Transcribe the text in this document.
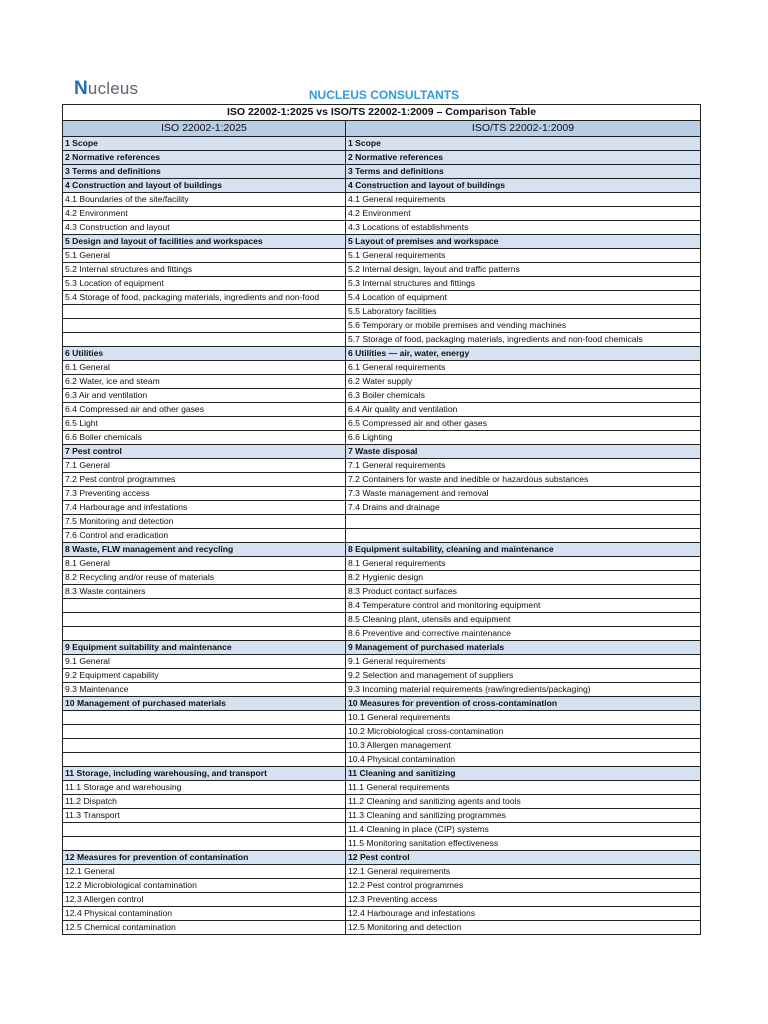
Nucleus	NUCLEUS CONSULTANTS
ISO 22002-1:2025 vs ISO/TS 22002-1:2009 – Comparison Table	
ISO 22002-1:2025	ISO/TS 22002-1:2009
1 Scope	1 Scope
2 Normative references	2 Normative references
3 Terms and definitions	3 Terms and definitions
4 Construction and layout of buildings	4 Construction and layout of buildings
4.1 Boundaries of the site/facility	4.1 General requirements
4.2 Environment	4.2 Environment
4.3 Construction and layout	4.3 Locations of establishments
5 Design and layout of facilities and workspaces	5 Layout of premises and workspace
5.1 General	5.1 General requirements
5.2 Internal structures and fittings	5.2 Internal design, layout and traffic patterns
5.3 Location of equipment	5.3 Internal structures and fittings
5.4 Storage of food, packaging materials, ingredients and non-food	5.4 Location of equipment
	5.5 Laboratory facilities
	5.6 Temporary or mobile premises and vending machines
	5.7 Storage of food, packaging materials, ingredients and non-food chemicals
6 Utilities	6 Utilities — air, water, energy
6.1 General	6.1 General requirements
6.2 Water, ice and steam	6.2 Water supply
6.3 Air and ventilation	6.3 Boiler chemicals
6.4 Compressed air and other gases	6.4 Air quality and ventilation
6.5 Light	6.5 Compressed air and other gases
6.6 Boiler chemicals	6.6 Lighting
7 Pest control	7 Waste disposal
7.1 General	7.1 General requirements
7.2 Pest control programmes	7.2 Containers for waste and inedible or hazardous substances
7.3 Preventing access	7.3 Waste management and removal
7.4 Harbourage and infestations	7.4 Drains and drainage
7.5 Monitoring and detection	
7.6 Control and eradication	
8 Waste, FLW management and recycling	8 Equipment suitability, cleaning and maintenance
8.1 General	8.1 General requirements
8.2 Recycling and/or reuse of materials	8.2 Hygienic design
8.3 Waste containers	8.3 Product contact surfaces
	8.4 Temperature control and monitoring equipment
	8.5 Cleaning plant, utensils and equipment
	8.6 Preventive and corrective maintenance
9 Equipment suitability and maintenance	9 Management of purchased materials
9.1 General	9.1 General requirements
9.2 Equipment capability	9.2 Selection and management of suppliers
9.3 Maintenance	9.3 Incoming material requirements (raw/ingredients/packaging)
10 Management of purchased materials	10 Measures for prevention of cross-contamination
	10.1 General requirements
	10.2 Microbiological cross-contamination
	10.3 Allergen management
	10.4 Physical contamination
11 Storage, including warehousing, and transport	11 Cleaning and sanitizing
11.1 Storage and warehousing	11.1 General requirements
11.2 Dispatch	11.2 Cleaning and sanitizing agents and tools
11.3 Transport	11.3 Cleaning and sanitizing programmes
	11.4 Cleaning in place (CIP) systems
	11.5 Monitoring sanitation effectiveness
12 Measures for prevention of contamination	12 Pest control
12.1 General	12.1 General requirements
12.2 Microbiological contamination	12.2 Pest control programmes
12.3 Allergen control	12.3 Preventing access
12.4 Physical contamination	12.4 Harbourage and infestations
12.5 Chemical contamination	12.5 Monitoring and detection
